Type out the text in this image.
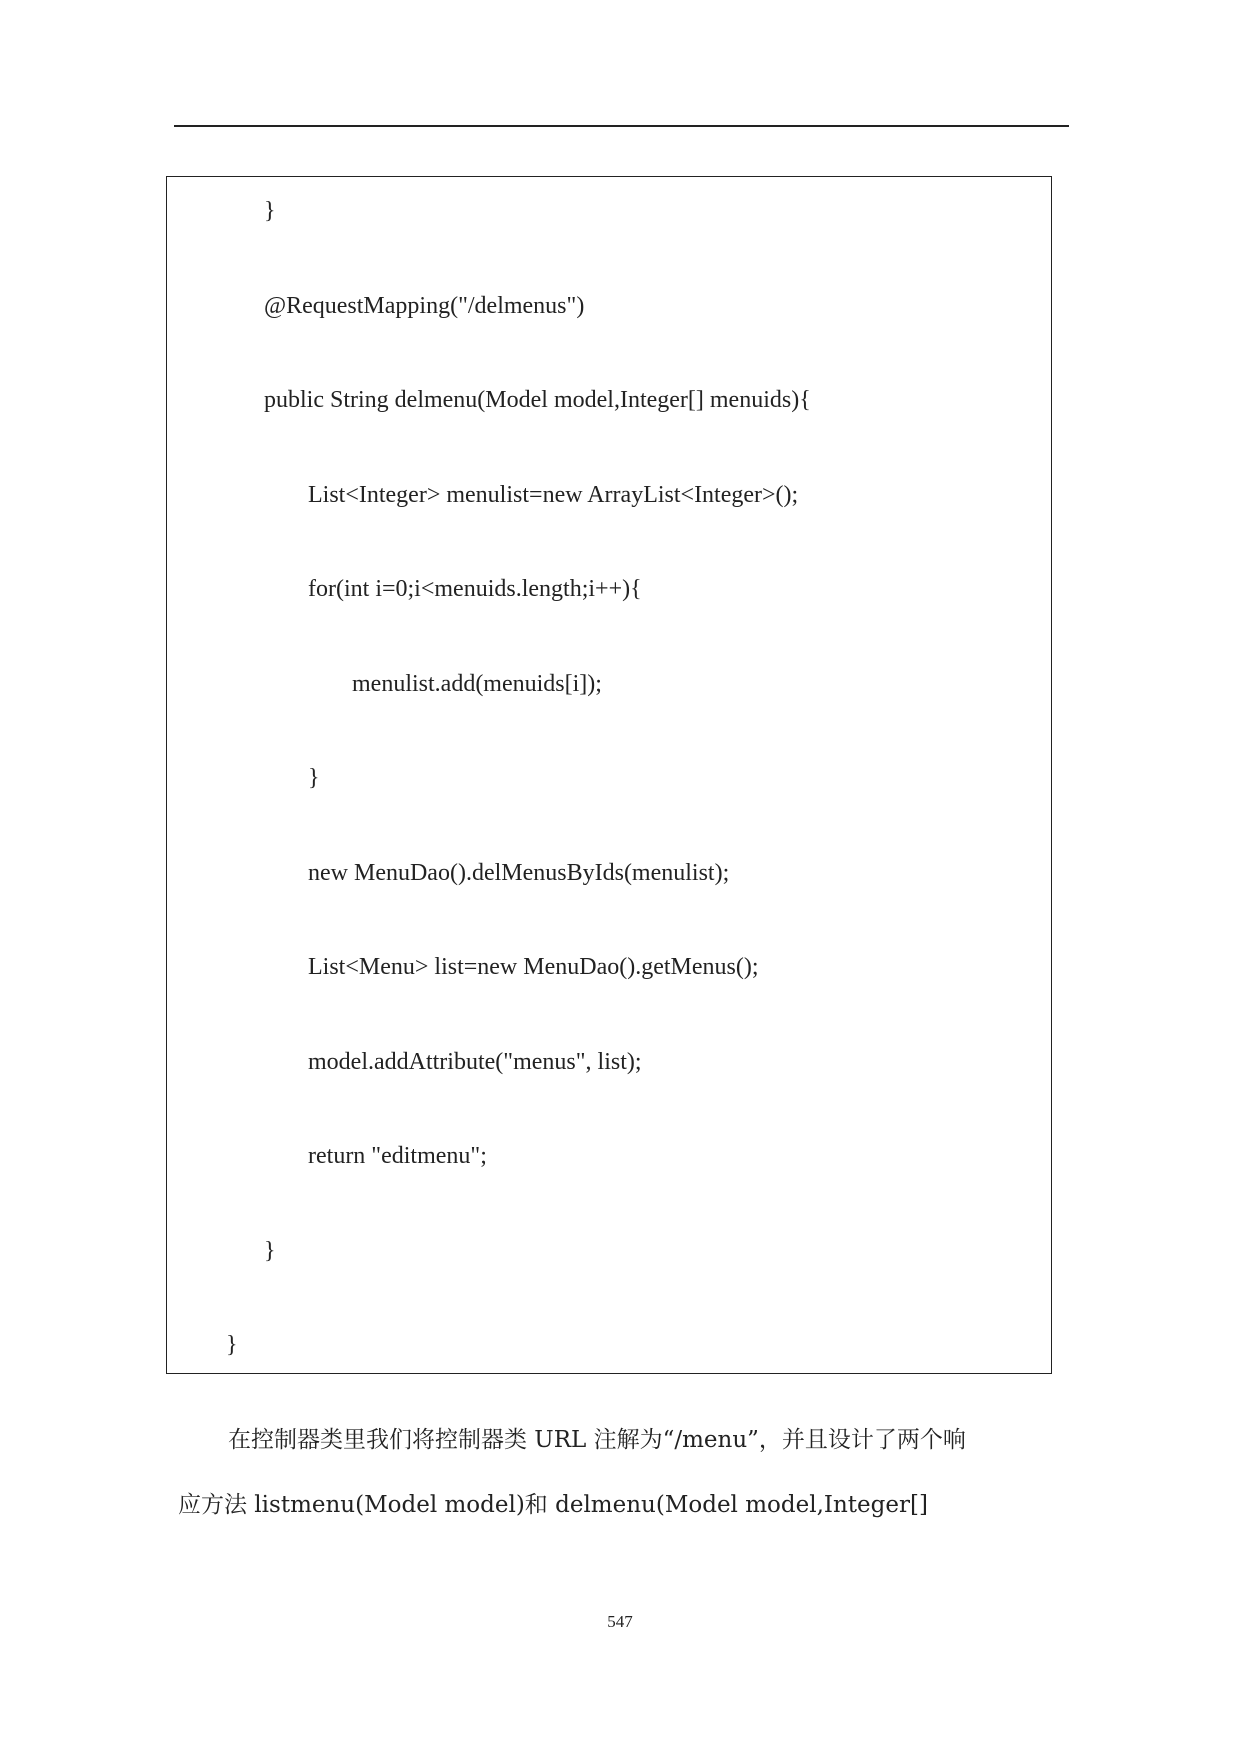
}
@RequestMapping("/delmenus")
public String delmenu(Model model,Integer[] menuids){
List<Integer> menulist=new ArrayList<Integer>();
for(int i=0;i<menuids.length;i++){
menulist.add(menuids[i]);
}
new MenuDao().delMenusByIds(menulist);
List<Menu> list=new MenuDao().getMenus();
model.addAttribute("menus", list);
return "editmenu";
}
}
在控制器类里我们将控制器类 URL 注解为“/menu”，并且设计了两个响
应方法 listmenu(Model model)和 delmenu(Model model,Integer[]
547
